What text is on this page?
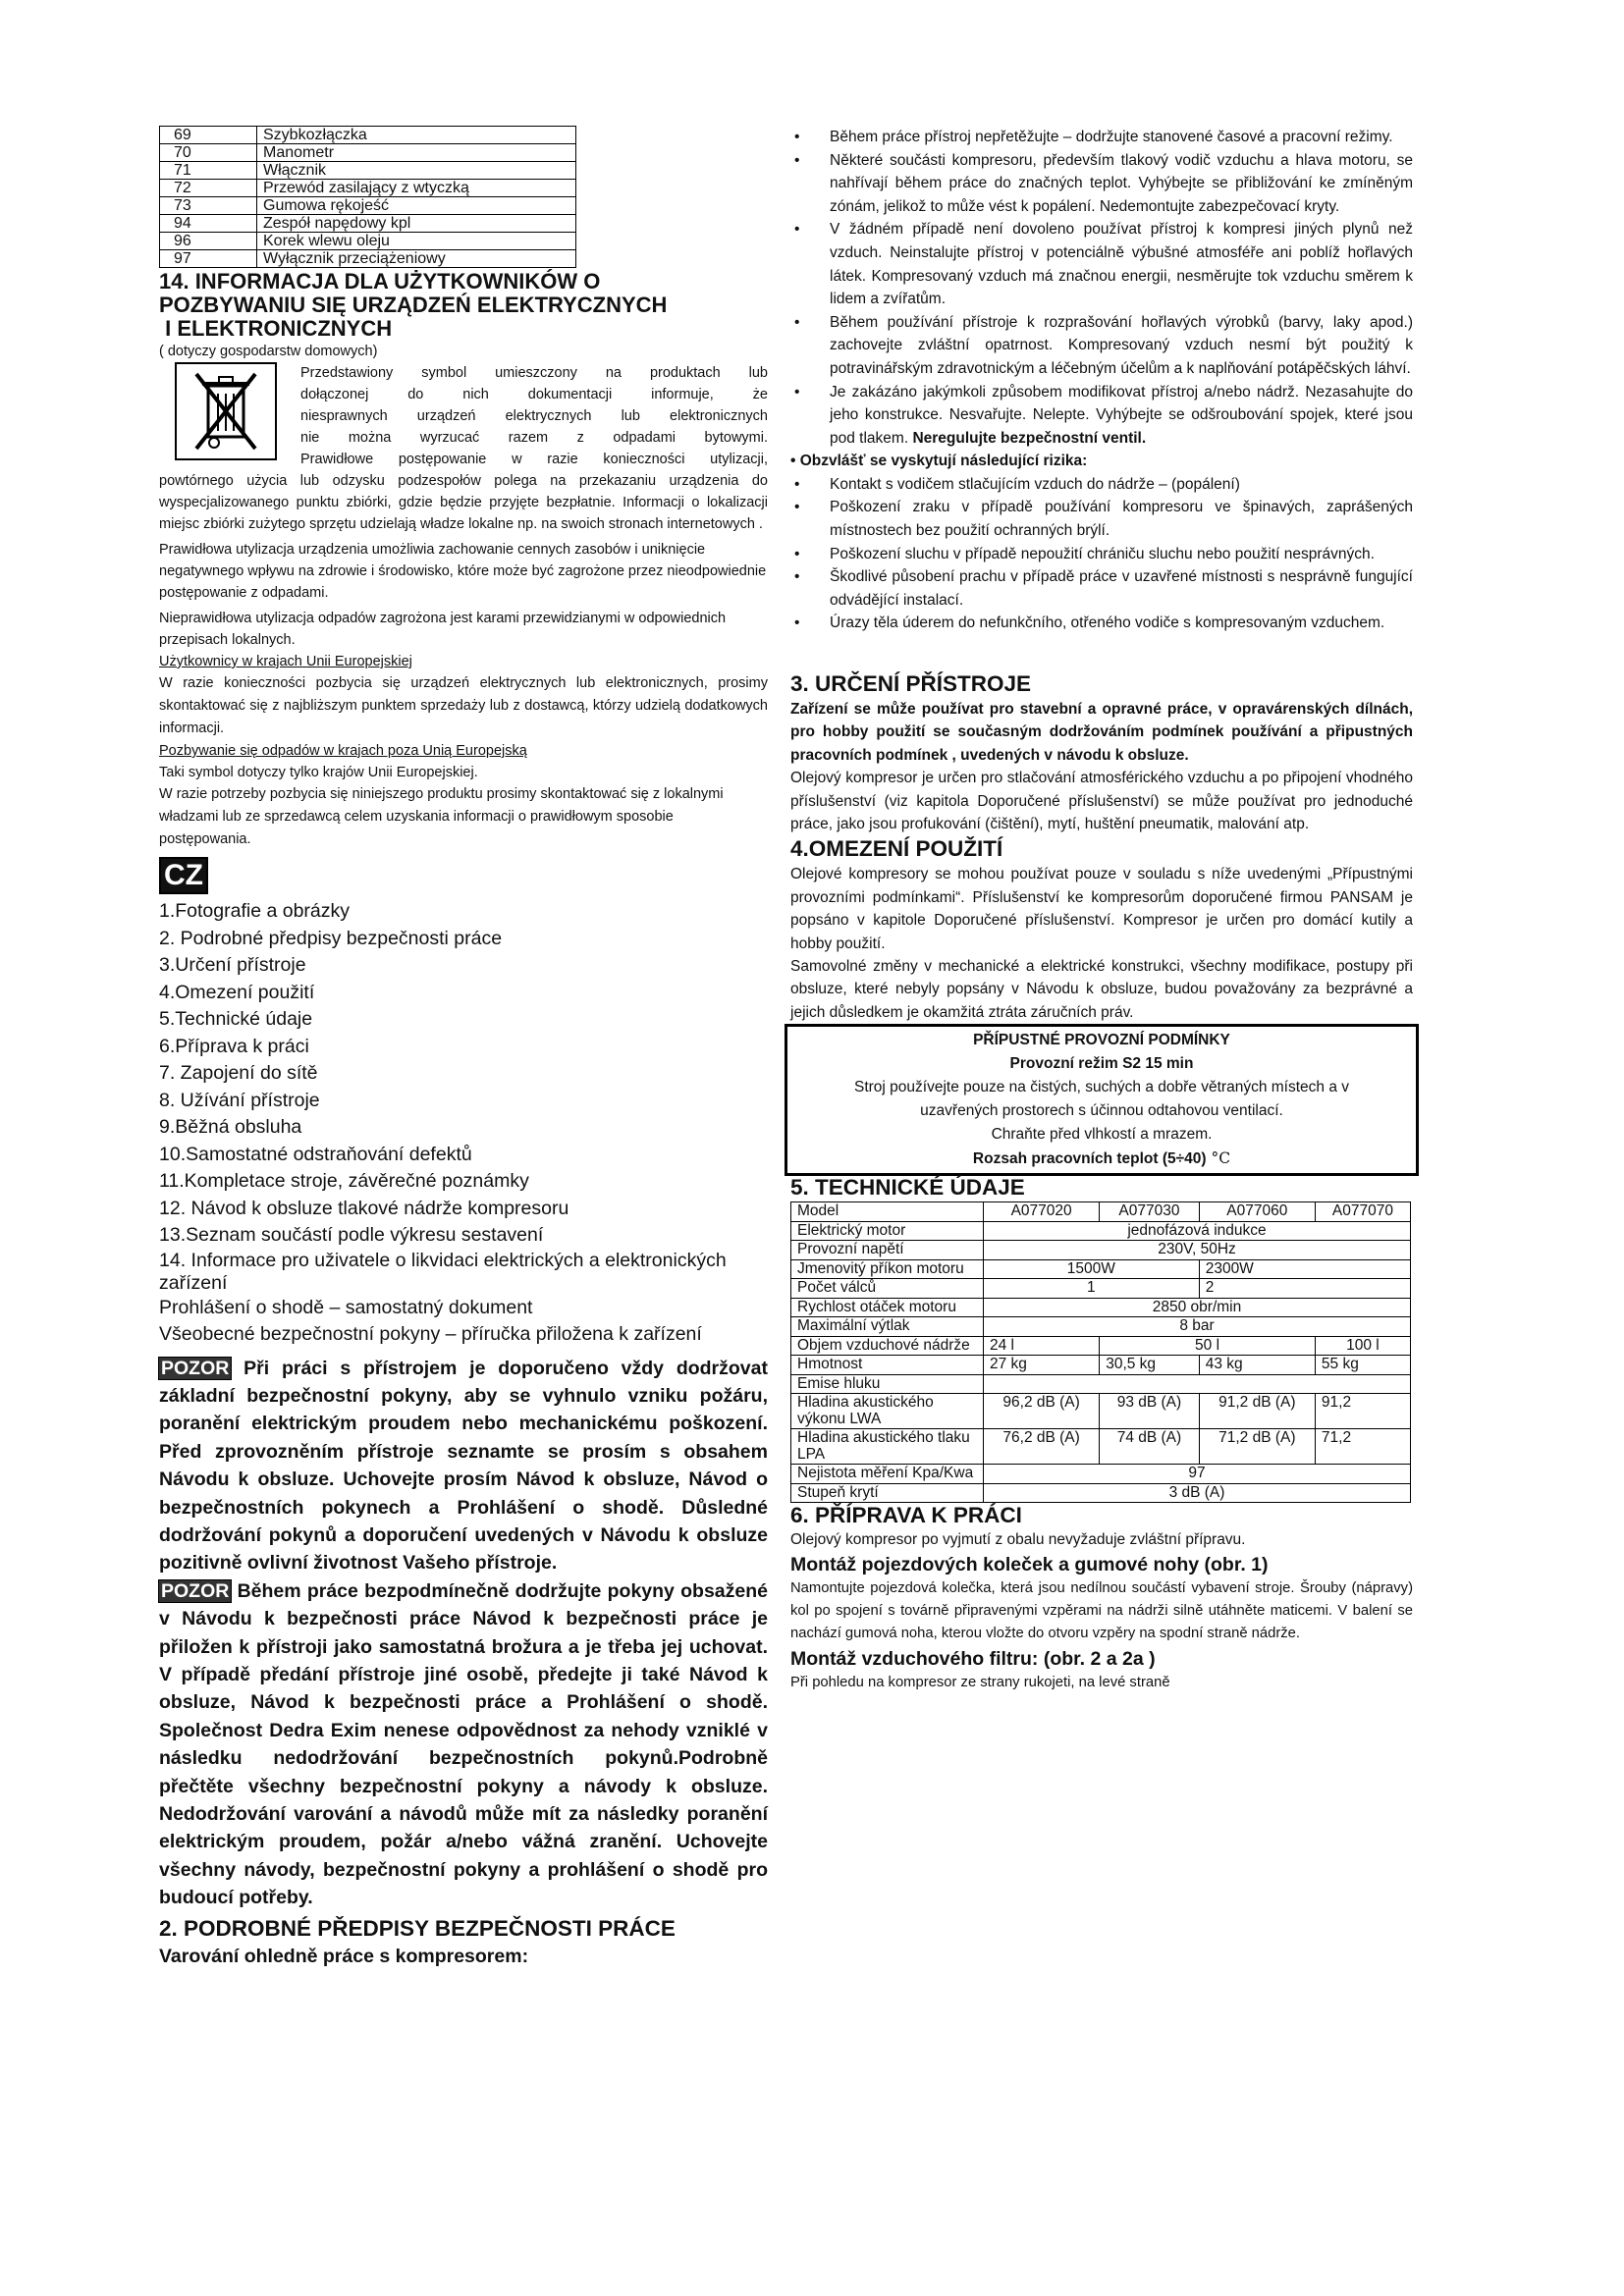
69	Szybkozłączka
70	Manometr
71	Włącznik
72	Przewód zasilający z wtyczką
73	Gumowa rękojeść
94	Zespół napędowy kpl
96	Korek wlewu oleju
97	Wyłącznik przeciążeniowy
14. INFORMACJA DLA UŻYTKOWNIKÓW O
POZBYWANIU SIĘ URZĄDZEŃ ELEKTRYCZNYCH
I ELEKTRONICZNYCH
( dotyczy gospodarstw domowych)
Przedstawiony symbol umieszczony na produktach lub
dołączonej do nich dokumentacji informuje, że
niesprawnych urządzeń elektrycznych lub elektronicznych
nie można wyrzucać razem z odpadami bytowymi.
Prawidłowe postępowanie w razie konieczności utylizacji,

powtórnego użycia lub odzysku podzespołów polega na przekazaniu urządzenia do wyspecjalizowanego punktu zbiórki, gdzie będzie przyjęte bezpłatnie. Informacji o lokalizacji miejsc zbiórki zużytego sprzętu udzielają władze lokalne np. na swoich stronach internetowych .

Prawidłowa utylizacja urządzenia umożliwia zachowanie cennych zasobów i uniknięcie negatywnego wpływu na zdrowie i środowisko, które może być zagrożone przez nieodpowiednie postępowanie z odpadami.

Nieprawidłowa utylizacja odpadów zagrożona jest karami przewidzianymi w odpowiednich przepisach lokalnych.

Użytkownicy w krajach Unii Europejskiej

W razie konieczności pozbycia się urządzeń elektrycznych lub elektronicznych, prosimy skontaktować się z najbliższym punktem sprzedaży lub z dostawcą, którzy udzielą dodatkowych informacji.

Pozbywanie się odpadów w krajach poza Unią Europejską

Taki symbol dotyczy tylko krajów Unii Europejskiej.

W razie potrzeby pozbycia się niniejszego produktu prosimy skontaktować się z lokalnymi władzami lub ze sprzedawcą celem uzyskania informacji o prawidłowym sposobie postępowania.

CZ
1.Fotografie a obrázky
2. Podrobné předpisy bezpečnosti práce
3.Určení přístroje
4.Omezení použití
5.Technické údaje
6.Příprava k práci
7. Zapojení do sítě
8. Užívání přístroje
9.Běžná obsluha
10.Samostatné odstraňování defektů
11.Kompletace stroje, závěrečné poznámky
12. Návod k obsluze tlakové nádrže kompresoru
13.Seznam součástí podle výkresu sestavení
14. Informace pro uživatele o likvidaci elektrických a elektronických zařízení
Prohlášení o shodě – samostatný dokument
Všeobecné bezpečnostní pokyny – příručka přiložena k zařízení

POZOR Při práci s přístrojem je doporučeno vždy dodržovat základní bezpečnostní pokyny, aby se vyhnulo vzniku požáru, poranění elektrickým proudem nebo mechanickému poškození. Před zprovozněním přístroje seznamte se prosím s obsahem Návodu k obsluze. Uchovejte prosím Návod k obsluze, Návod o bezpečnostních pokynech a Prohlášení o shodě. Důsledné dodržování pokynů a doporučení uvedených v Návodu k obsluze pozitivně ovlivní životnost Vašeho přístroje.

POZOR Během práce bezpodmínečně dodržujte pokyny obsažené v Návodu k bezpečnosti práce Návod k bezpečnosti práce je přiložen k přístroji jako samostatná brožura a je třeba jej uchovat. V případě předání přístroje jiné osobě, předejte ji také Návod k obsluze, Návod k bezpečnosti práce a Prohlášení o shodě. Společnost Dedra Exim nenese odpovědnost za nehody vzniklé v následku nedodržování bezpečnostních pokynů.Podrobně přečtěte všechny bezpečnostní pokyny a návody k obsluze. Nedodržování varování a návodů může mít za následky poranění elektrickým proudem, požár a/nebo vážná zranění. Uchovejte všechny návody, bezpečnostní pokyny a prohlášení o shodě pro budoucí potřeby.

2. PODROBNÉ PŘEDPISY BEZPEČNOSTI PRÁCE
Varování ohledně práce s kompresorem:
• Během práce přístroj nepřetěžujte – dodržujte stanovené časové a pracovní režimy.
• Některé součásti kompresoru, především tlakový vodič vzduchu a hlava motoru, se nahřívají během práce do značných teplot. Vyhýbejte se přibližování ke zmíněným zónám, jelikož to může vést k popálení. Nedemontujte zabezpečovací kryty.
• V žádném případě není dovoleno používat přístroj k kompresi jiných plynů než vzduch. Neinstalujte přístroj v potenciálně výbušné atmosféře ani poblíž hořlavých látek. Kompresovaný vzduch má značnou energii, nesměrujte tok vzduchu směrem k lidem a zvířatům.
• Během používání přístroje k rozprašování hořlavých výrobků (barvy, laky apod.) zachovejte zvláštní opatrnost. Kompresovaný vzduch nesmí být použitý k potravinářským zdravotnickým a léčebným účelům a k naplňování potápěčských láhví.
• Je zakázáno jakýmkoli způsobem modifikovat přístroj a/nebo nádrž. Nezasahujte do jeho konstrukce. Nesvařujte. Nelepte. Vyhýbejte se odšroubování spojek, které jsou pod tlakem. Neregulujte bezpečnostní ventil.
• Obzvlášť se vyskytují následující rizika:
• Kontakt s vodičem stlačujícím vzduch do nádrže – (popálení)
• Poškození zraku v případě používání kompresoru ve špinavých, zaprášených místnostech bez použití ochranných brýlí.
• Poškození sluchu v případě nepoužití chrániču sluchu nebo použití nesprávných.
• Škodlivé působení prachu v případě práce v uzavřené místnosti s nesprávně fungující odvádějící instalací.
• Úrazy těla úderem do nefunkčního, otřeného vodiče s kompresovaným vzduchem.
3. URČENÍ PŘÍSTROJE

Zařízení se může používat pro stavební a opravné práce, v opravárenských dílnách, pro hobby použití se současným dodržováním podmínek používání a připustných pracovních podmínek , uvedených v návodu k obsluze.

Olejový kompresor je určen pro stlačování atmosférického vzduchu a po připojení vhodného příslušenství (viz kapitola Doporučené příslušenství) se může používat pro jednoduché práce, jako jsou profukování (čištění), mytí, huštění pneumatik, malování atp.

4.OMEZENÍ POUŽITÍ

Olejové kompresory se mohou používat pouze v souladu s níže uvedenými „Přípustnými provozními podmínkami“. Příslušenství ke kompresorům doporučené firmou PANSAM je popsáno v kapitole Doporučené příslušenství. Kompresor je určen pro domácí kutily a hobby použití.

Samovolné změny v mechanické a elektrické konstrukci, všechny modifikace, postupy při obsluze, které nebyly popsány v Návodu k obsluze, budou považovány za bezprávné a jejich důsledkem je okamžitá ztráta záručních práv.

PŘÍPUSTNÉ PROVOZNÍ PODMÍNKY
Provozní režim S2 15 min
Stroj používejte pouze na čistých, suchých a dobře větraných místech a v
uzavřených prostorech s účinnou odtahovou ventilací.
Chraňte před vlhkostí a mrazem.
Rozsah pracovních teplot (5÷40) °C
5. TECHNICKÉ ÚDAJE
Model	A077020	A077030	A077060	A077070
Elektrický motor	jednofázová indukce			
Provozní napětí	230V, 50Hz			
Jmenovitý příkon motoru	1500W		2300W	
Počet válců	1		2	
Rychlost otáček motoru	2850 obr/min			
Maximální výtlak	8 bar			
Objem vzduchové nádrže	24 l	50 l		100 l
Hmotnost	27 kg	30,5 kg	43 kg	55 kg
Emise hluku				
Hladina akustického výkonu LWA	96,2 dB (A)	93 dB (A)	91,2 dB (A)	91,2
Hladina akustického tlaku LPA	76,2 dB (A)	74 dB (A)	71,2 dB (A)	71,2
Nejistota měření Kpa/Kwa	97			
Stupeň krytí	3 dB (A)			
6. PŘÍPRAVA K PRÁCI

Olejový kompresor po vyjmutí z obalu nevyžaduje zvláštní přípravu.

Montáž pojezdových koleček a gumové nohy (obr. 1)

Namontujte pojezdová kolečka, která jsou nedílnou součástí vybavení stroje. Šrouby (nápravy) kol po spojení s továrně připravenými vzpěrami na nádrži silně utáhněte maticemi. V balení se nachází gumová noha, kterou vložte do otvoru vzpěry na spodní straně nádrže.

Montáž vzduchového filtru: (obr. 2 a 2a )

Při pohledu na kompresor ze strany rukojeti, na levé straně
